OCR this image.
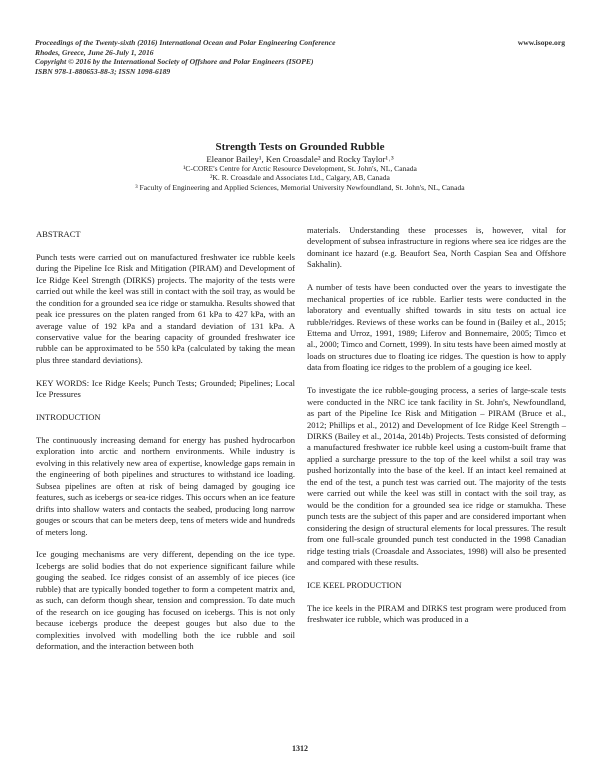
Proceedings of the Twenty-sixth (2016) International Ocean and Polar Engineering Conference
Rhodes, Greece, June 26-July 1, 2016
Copyright © 2016 by the International Society of Offshore and Polar Engineers (ISOPE)
ISBN 978-1-880653-88-3; ISSN 1098-6189
www.isope.org
Strength Tests on Grounded Rubble
Eleanor Bailey¹, Ken Croasdale² and Rocky Taylor¹˒³
¹C-CORE's Centre for Arctic Resource Development, St. John's, NL, Canada
²K. R. Croasdale and Associates Ltd., Calgary, AB, Canada
³ Faculty of Engineering and Applied Sciences, Memorial University Newfoundland, St. John's, NL, Canada
ABSTRACT

Punch tests were carried out on manufactured freshwater ice rubble keels during the Pipeline Ice Risk and Mitigation (PIRAM) and Development of Ice Ridge Keel Strength (DIRKS) projects. The majority of the tests were carried out while the keel was still in contact with the soil tray, as would be the condition for a grounded sea ice ridge or stamukha. Results showed that peak ice pressures on the platen ranged from 61 kPa to 427 kPa, with an average value of 192 kPa and a standard deviation of 131 kPa. A conservative value for the bearing capacity of grounded freshwater ice rubble can be approximated to be 550 kPa (calculated by taking the mean plus three standard deviations).

KEY WORDS: Ice Ridge Keels; Punch Tests; Grounded; Pipelines; Local Ice Pressures

INTRODUCTION

The continuously increasing demand for energy has pushed hydrocarbon exploration into arctic and northern environments. While industry is evolving in this relatively new area of expertise, knowledge gaps remain in the engineering of both pipelines and structures to withstand ice loading. Subsea pipelines are often at risk of being damaged by gouging ice features, such as icebergs or sea-ice ridges. This occurs when an ice feature drifts into shallow waters and contacts the seabed, producing long narrow gouges or scours that can be meters deep, tens of meters wide and hundreds of meters long.

Ice gouging mechanisms are very different, depending on the ice type. Icebergs are solid bodies that do not experience significant failure while gouging the seabed. Ice ridges consist of an assembly of ice pieces (ice rubble) that are typically bonded together to form a competent matrix and, as such, can deform though shear, tension and compression. To date much of the research on ice gouging has focused on icebergs. This is not only because icebergs produce the deepest gouges but also due to the complexities involved with modelling both the ice rubble and soil deformation, and the interaction between both

materials. Understanding these processes is, however, vital for development of subsea infrastructure in regions where sea ice ridges are the dominant ice hazard (e.g. Beaufort Sea, North Caspian Sea and Offshore Sakhalin).

A number of tests have been conducted over the years to investigate the mechanical properties of ice rubble. Earlier tests were conducted in the laboratory and eventually shifted towards in situ tests on actual ice rubble/ridges. Reviews of these works can be found in (Bailey et al., 2015; Ettema and Urroz, 1991, 1989; Liferov and Bonnemaire, 2005; Timco et al., 2000; Timco and Cornett, 1999). In situ tests have been aimed mostly at loads on structures due to floating ice ridges. The question is how to apply data from floating ice ridges to the problem of a gouging ice keel.

To investigate the ice rubble-gouging process, a series of large-scale tests were conducted in the NRC ice tank facility in St. John's, Newfoundland, as part of the Pipeline Ice Risk and Mitigation – PIRAM (Bruce et al., 2012; Phillips et al., 2012) and Development of Ice Ridge Keel Strength – DIRKS (Bailey et al., 2014a, 2014b) Projects. Tests consisted of deforming a manufactured freshwater ice rubble keel using a custom-built frame that applied a surcharge pressure to the top of the keel whilst a soil tray was pushed horizontally into the base of the keel. If an intact keel remained at the end of the test, a punch test was carried out. The majority of the tests were carried out while the keel was still in contact with the soil tray, as would be the condition for a grounded sea ice ridge or stamukha. These punch tests are the subject of this paper and are considered important when considering the design of structural elements for local pressures. The result from one full-scale grounded punch test conducted in the 1998 Canadian ridge testing trials (Croasdale and Associates, 1998) will also be presented and compared with these results.

ICE KEEL PRODUCTION

The ice keels in the PIRAM and DIRKS test program were produced from freshwater ice rubble, which was produced in a

1312
